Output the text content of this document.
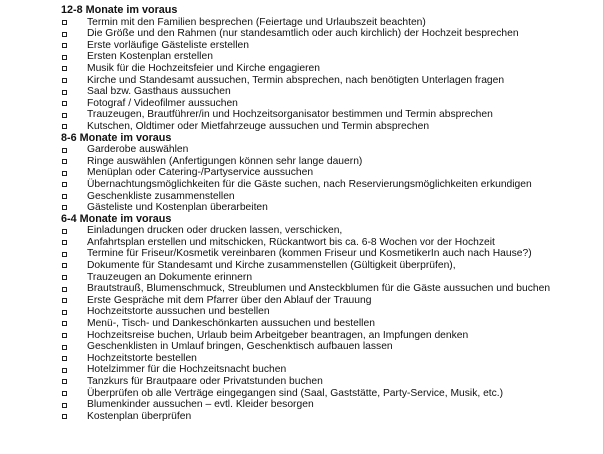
12-8 Monate im voraus
Termin mit den Familien besprechen (Feiertage und Urlaubszeit beachten)
Die Größe und den Rahmen (nur standesamtlich oder auch kirchlich) der Hochzeit besprechen
Erste vorläufige Gästeliste erstellen
Ersten Kostenplan erstellen
Musik für die Hochzeitsfeier und Kirche engagieren
Kirche und Standesamt aussuchen, Termin absprechen, nach benötigten Unterlagen fragen
Saal bzw. Gasthaus aussuchen
Fotograf / Videofilmer aussuchen
Trauzeugen, Brautführer/in und Hochzeitsorganisator bestimmen und Termin absprechen
Kutschen, Oldtimer oder Mietfahrzeuge aussuchen und Termin absprechen
8-6 Monate im voraus
Garderobe auswählen
Ringe auswählen (Anfertigungen können sehr lange dauern)
Menüplan oder Catering-/Partyservice aussuchen
Übernachtungsmöglichkeiten für die Gäste suchen, nach Reservierungsmöglichkeiten erkundigen
Geschenkliste zusammenstellen
Gästeliste und Kostenplan überarbeiten
6-4 Monate im voraus
Einladungen drucken oder drucken lassen, verschicken,
Anfahrtsplan erstellen und mitschicken, Rückantwort bis ca. 6-8 Wochen vor der Hochzeit
Termine für Friseur/Kosmetik vereinbaren (kommen Friseur und KosmetikerIn auch nach Hause?)
Dokumente für Standesamt und Kirche zusammenstellen (Gültigkeit überprüfen),
Trauzeugen an Dokumente erinnern
Brautstrauß, Blumenschmuck, Streublumen und Ansteckblumen für die Gäste aussuchen und buchen
Erste Gespräche mit dem Pfarrer über den Ablauf der Trauung
Hochzeitstorte aussuchen und bestellen
Menü-, Tisch- und Dankeschönkarten aussuchen und bestellen
Hochzeitsreise buchen, Urlaub beim Arbeitgeber beantragen, an Impfungen denken
Geschenklisten in Umlauf bringen, Geschenktisch aufbauen lassen
Hochzeitstorte bestellen
Hotelzimmer für die Hochzeitsnacht buchen
Tanzkurs für Brautpaare oder Privatstunden buchen
Überprüfen ob alle Verträge eingegangen sind (Saal, Gaststätte, Party-Service, Musik, etc.)
Blumenkinder aussuchen – evtl. Kleider besorgen
Kostenplan überprüfen
